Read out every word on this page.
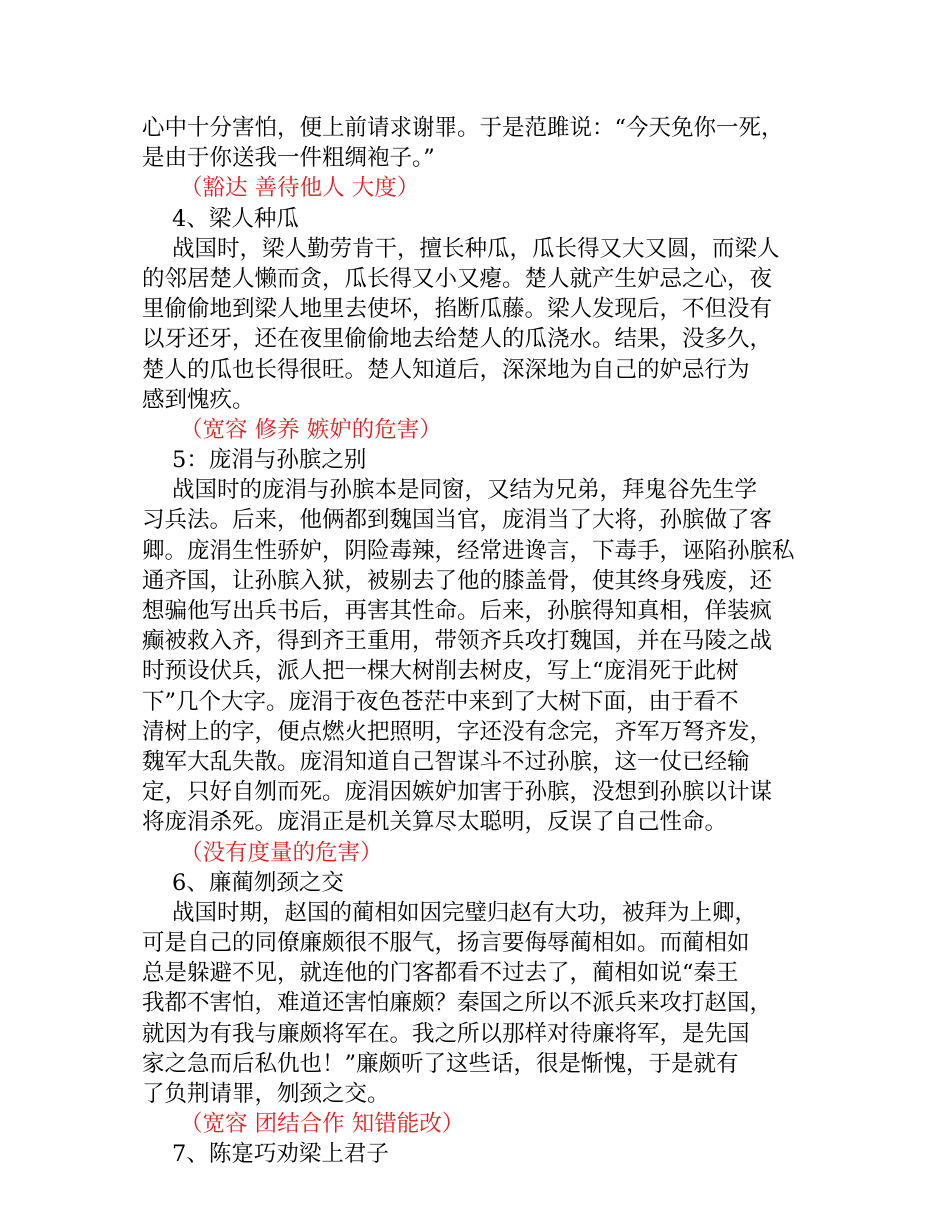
心中十分害怕，便上前请求谢罪。于是范雎说：“今天免你一死，
是由于你送我一件粗绸袍子。”
（豁达 善待他人 大度）
4、梁人种瓜
战国时，梁人勤劳肯干，擅长种瓜，瓜长得又大又圆，而梁人
的邻居楚人懒而贪，瓜长得又小又瘪。楚人就产生妒忌之心，夜
里偷偷地到梁人地里去使坏，掐断瓜藤。梁人发现后，不但没有
以牙还牙，还在夜里偷偷地去给楚人的瓜浇水。结果，没多久，
楚人的瓜也长得很旺。楚人知道后，深深地为自己的妒忌行为
感到愧疚。
（宽容 修养 嫉妒的危害）
5：庞涓与孙膑之别
战国时的庞涓与孙膑本是同窗，又结为兄弟，拜鬼谷先生学
习兵法。后来，他俩都到魏国当官，庞涓当了大将，孙膑做了客
卿。庞涓生性骄妒，阴险毒辣，经常进谗言，下毒手，诬陷孙膑私
通齐国，让孙膑入狱，被剔去了他的膝盖骨，使其终身残废，还
想骗他写出兵书后，再害其性命。后来，孙膑得知真相，佯装疯
癫被救入齐，得到齐王重用，带领齐兵攻打魏国，并在马陵之战
时预设伏兵，派人把一棵大树削去树皮，写上“庞涓死于此树
下”几个大字。庞涓于夜色苍茫中来到了大树下面，由于看不
清树上的字，便点燃火把照明，字还没有念完，齐军万弩齐发，
魏军大乱失散。庞涓知道自己智谋斗不过孙膑，这一仗已经输
定，只好自刎而死。庞涓因嫉妒加害于孙膑，没想到孙膑以计谋
将庞涓杀死。庞涓正是机关算尽太聪明，反误了自己性命。
（没有度量的危害）
6、廉蔺刎颈之交
战国时期，赵国的蔺相如因完璧归赵有大功，被拜为上卿，
可是自己的同僚廉颇很不服气，扬言要侮辱蔺相如。而蔺相如
总是躲避不见，就连他的门客都看不过去了，蔺相如说“秦王
我都不害怕，难道还害怕廉颇？秦国之所以不派兵来攻打赵国，
就因为有我与廉颇将军在。我之所以那样对待廉将军，是先国
家之急而后私仇也！”廉颇听了这些话，很是惭愧，于是就有
了负荆请罪，刎颈之交。
（宽容 团结合作 知错能改）
7、陈寔巧劝梁上君子
